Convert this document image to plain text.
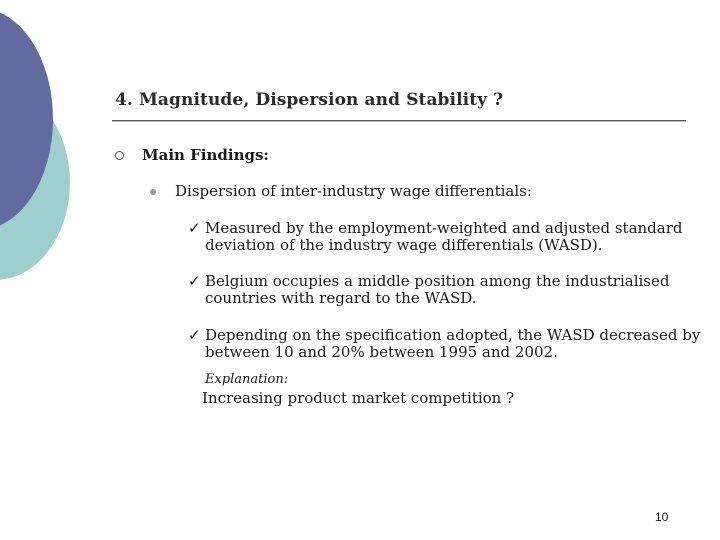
4. Magnitude, Dispersion and Stability ?
Main Findings:
Dispersion of inter-industry wage differentials:
✓ Measured by the employment-weighted and adjusted standard
deviation of the industry wage differentials (WASD).
✓ Belgium occupies a middle position among the industrialised
countries with regard to the WASD.
✓ Depending on the specification adopted, the WASD decreased by
between 10 and 20% between 1995 and 2002.
Explanation:
Increasing product market competition ?
10
